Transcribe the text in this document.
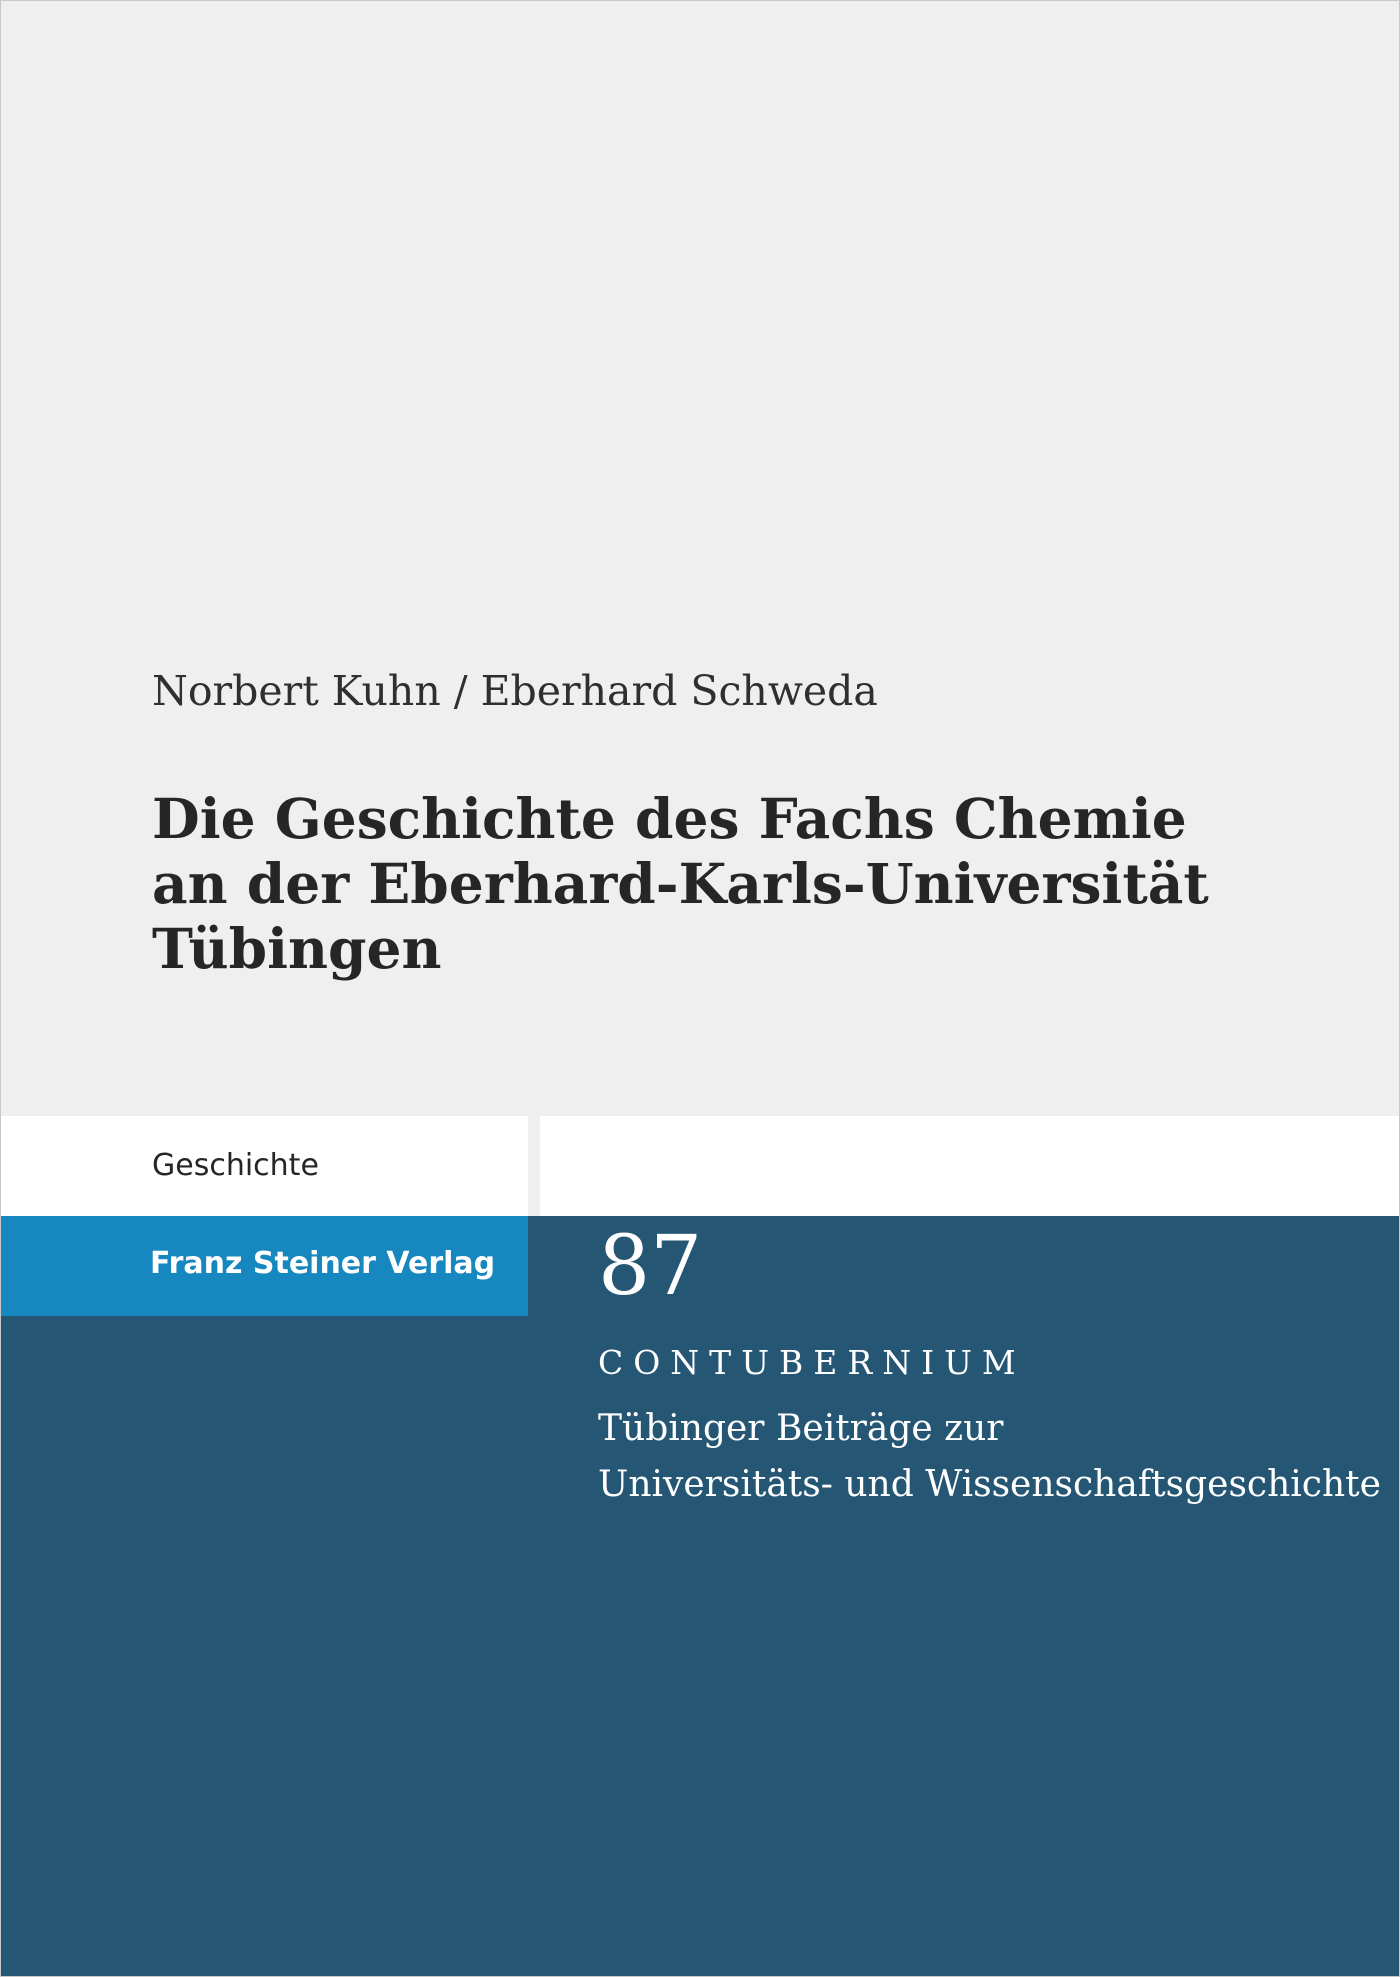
Norbert Kuhn / Eberhard Schweda
Die Geschichte des Fachs Chemie
an der Eberhard-Karls-Universität
Tübingen
Geschichte
Franz Steiner Verlag 87
CONTUBERNIUM
Tübinger Beiträge zur
Universitäts- und Wissenschaftsgeschichte
